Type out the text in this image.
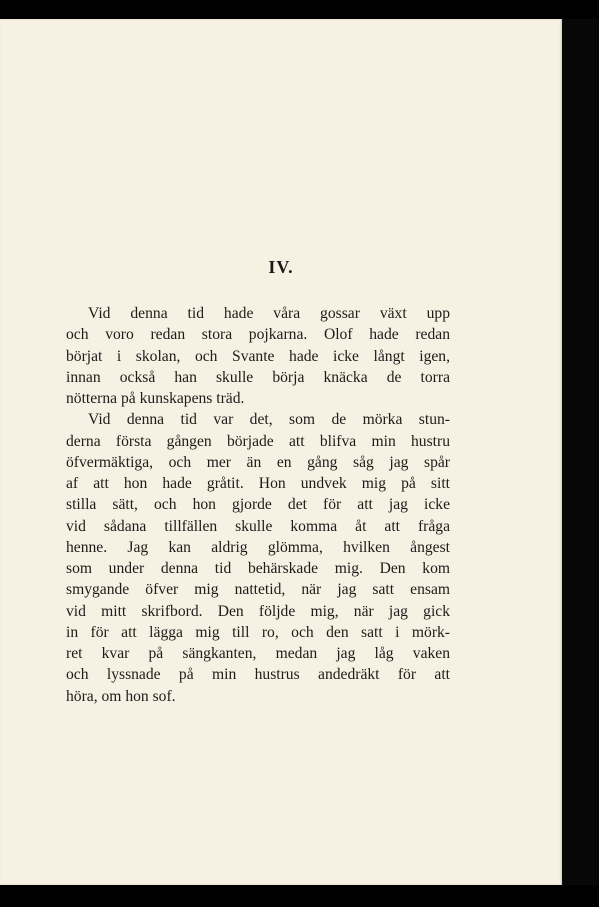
IV.
Vid denna tid hade våra gossar växt upp
och voro redan stora pojkarna. Olof hade redan
börjat i skolan, och Svante hade icke långt igen,
innan också han skulle börja knäcka de torra
nötterna på kunskapens träd.
Vid denna tid var det, som de mörka stun-
derna första gången började att blifva min hustru
öfvermäktiga, och mer än en gång såg jag spår
af att hon hade gråtit. Hon undvek mig på sitt
stilla sätt, och hon gjorde det för att jag icke
vid sådana tillfällen skulle komma åt att fråga
henne. Jag kan aldrig glömma, hvilken ångest
som under denna tid behärskade mig. Den kom
smygande öfver mig nattetid, när jag satt ensam
vid mitt skrifbord. Den följde mig, när jag gick
in för att lägga mig till ro, och den satt i mörk-
ret kvar på sängkanten, medan jag låg vaken
och lyssnade på min hustrus andedräkt för att
höra, om hon sof.
